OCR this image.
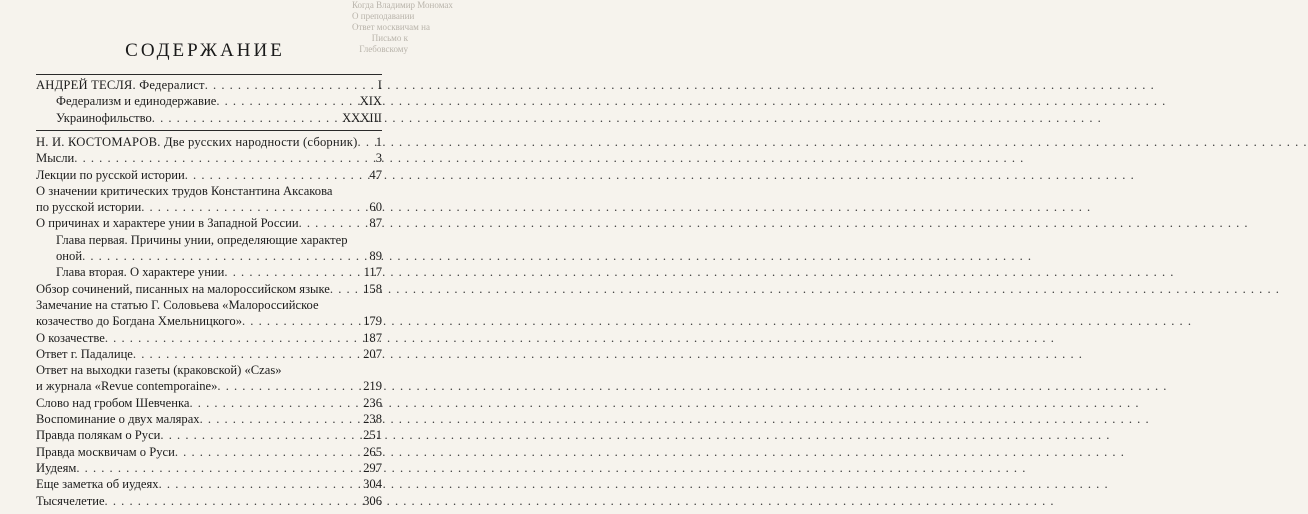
Когда Владимир Мономах
О преподавании
Ответ москвичам на
Письмо к
Глебовскому
СОДЕРЖАНИЕ
АНДРЕЙ ТЕСЛЯ. Федералист . . .	I
Федерализм и единодержавие . . .	XIX
Украинофильство . . .	XXXIII
Н. И. КОСТОМАРОВ. Две русских народности (сборник) . . . 1
Мысли . . .	3
Лекции по русской истории . . .	47
О значении критических трудов Константина Аксакова
по русской истории . . .	60
О причинах и характере унии в Западной России . . .	87
Глава первая. Причины унии, определяющие характер
оной . . .	89
Глава вторая. О характере унии . . .	117
Обзор сочинений, писанных на малороссийском языке . . .	158
Замечание на статью Г. Соловьева «Малороссийское
козачество до Богдана Хмельницкого» . . .	179
О козачестве . . .	187
Ответ г. Падалице . . .	207
Ответ на выходки газеты (краковской) «Czas»
и журнала «Revue contemporaine» . . .	219
Слово над гробом Шевченка . . .	236
Воспоминание о двух малярах . . .	238
Правда полякам о Руси . . .	251
Правда москвичам о Руси . . .	265
Иудеям . . .	297
Еще заметка об иудеях . . .	304
Тысячелетие . . .	306
